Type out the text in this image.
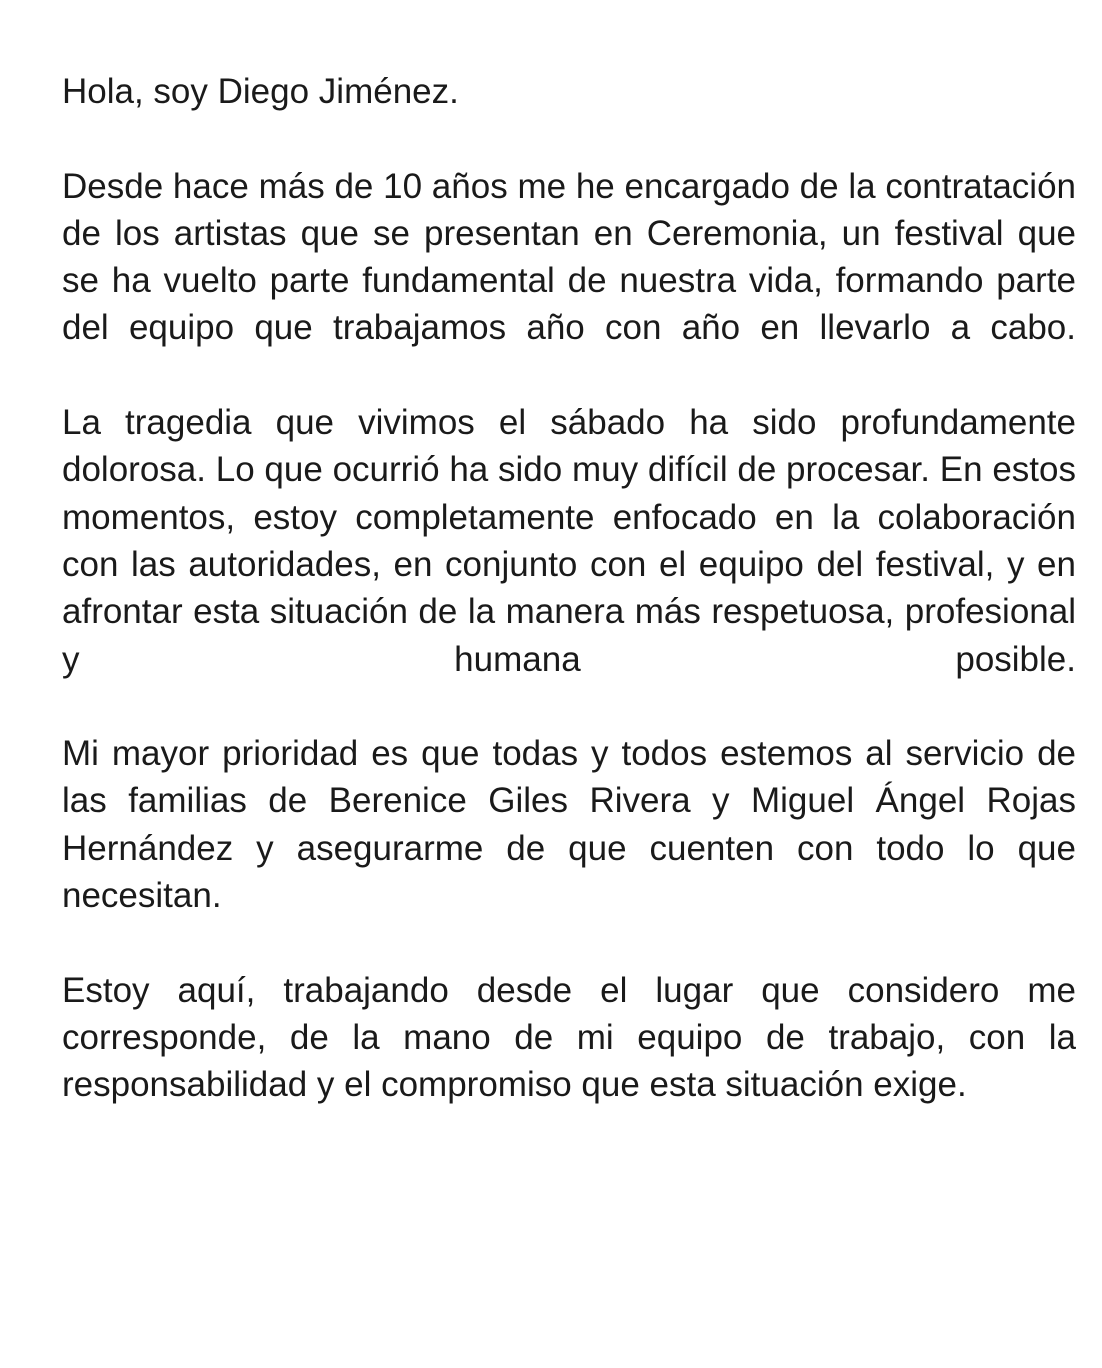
Hola, soy Diego Jiménez.

Desde hace más de 10 años me he encargado de la contratación de los artistas que se presentan en Ceremonia, un festival que se ha vuelto parte fundamental de nuestra vida, formando parte del equipo que trabajamos año con año en llevarlo a cabo.

La tragedia que vivimos el sábado ha sido profundamente dolorosa. Lo que ocurrió ha sido muy difícil de procesar. En estos momentos, estoy completamente enfocado en la colaboración con las autoridades, en conjunto con el equipo del festival, y en afrontar esta situación de la manera más respetuosa, profesional y humana posible.

Mi mayor prioridad es que todas y todos estemos al servicio de las familias de Berenice Giles Rivera y Miguel Ángel Rojas Hernández y asegurarme de que cuenten con todo lo que necesitan.

Estoy aquí, trabajando desde el lugar que considero me corresponde, de la mano de mi equipo de trabajo, con la responsabilidad y el compromiso que esta situación exige.
